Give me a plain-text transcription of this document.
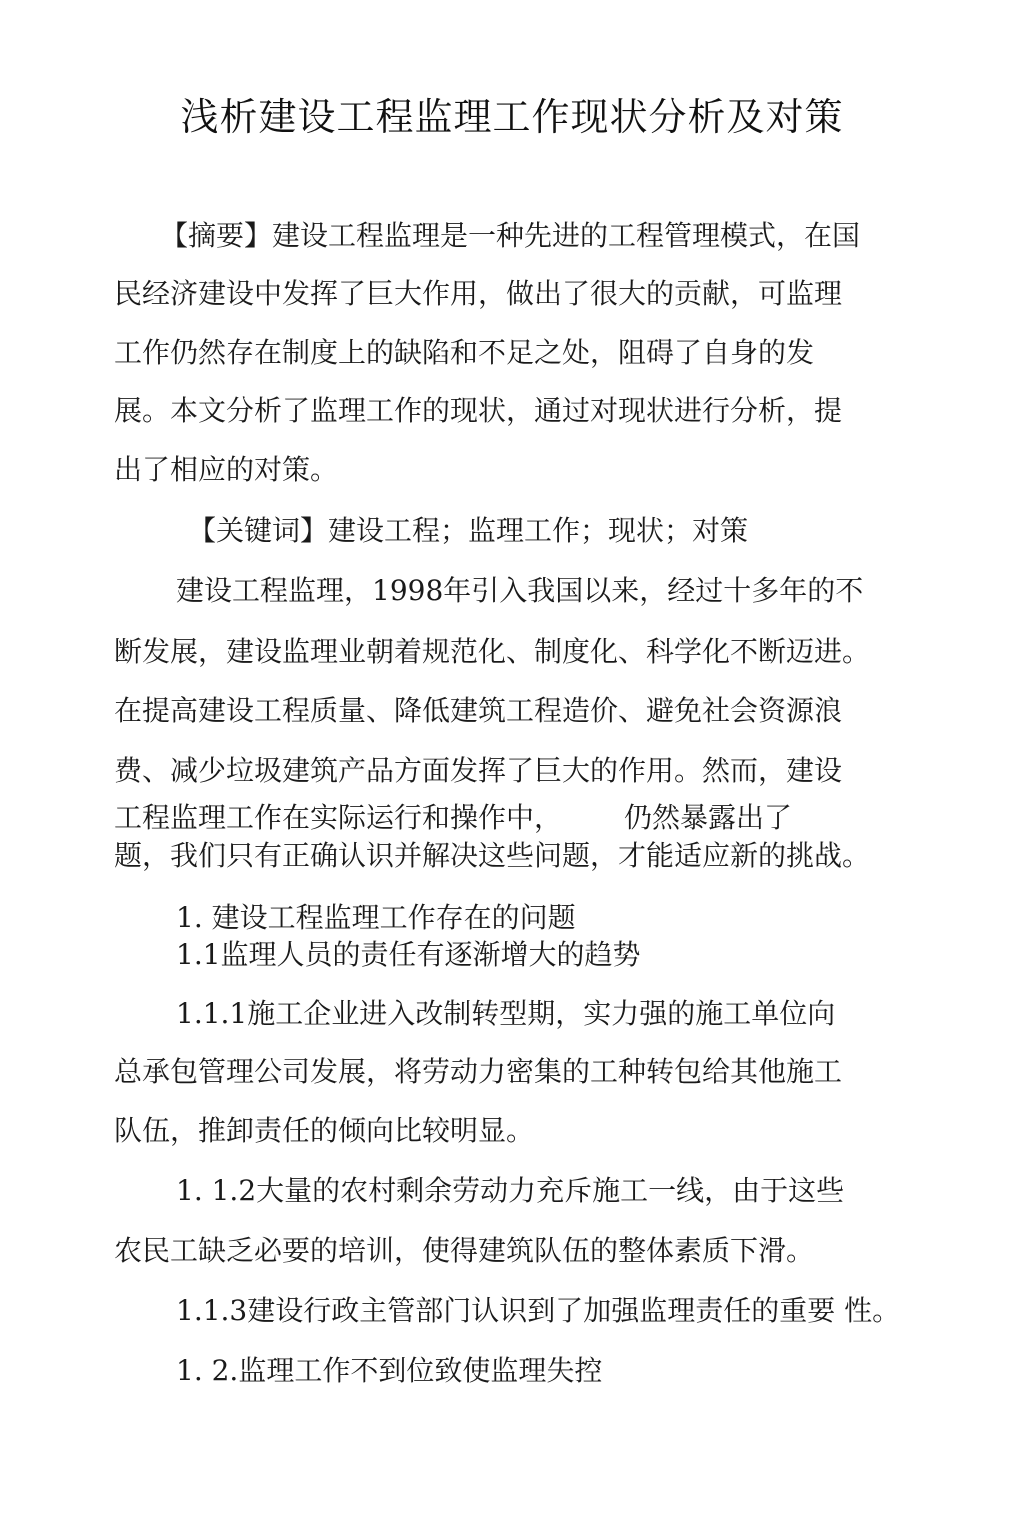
浅析建设工程监理工作现状分析及对策
【摘要】建设工程监理是一种先进的工程管理模式，在国
民经济建设中发挥了巨大作用，做出了很大的贡献，可监理
工作仍然存在制度上的缺陷和不足之处，阻碍了自身的发
展。本文分析了监理工作的现状，通过对现状进行分析，提
出了相应的对策。
【关键词】建设工程；监理工作；现状；对策
建设工程监理，1998年引入我国以来，经过十多年的不
断发展，建设监理业朝着规范化、制度化、科学化不断迈进。
在提高建设工程质量、降低建筑工程造价、避免社会资源浪
费、减少垃圾建筑产品方面发挥了巨大的作用。然而，建设
工程监理工作在实际运行和操作中， 仍然暴露出了
题，我们只有正确认识并解决这些问题，才能适应新的挑战。
1. 建设工程监理工作存在的问题
1.1监理人员的责任有逐渐增大的趋势
1.1.1施工企业进入改制转型期，实力强的施工单位向
总承包管理公司发展，将劳动力密集的工种转包给其他施工
队伍，推卸责任的倾向比较明显。
1. 1.2大量的农村剩余劳动力充斥施工一线，由于这些
农民工缺乏必要的培训，使得建筑队伍的整体素质下滑。
1.1.3建设行政主管部门认识到了加强监理责任的重要 性。
1. 2.监理工作不到位致使监理失控
